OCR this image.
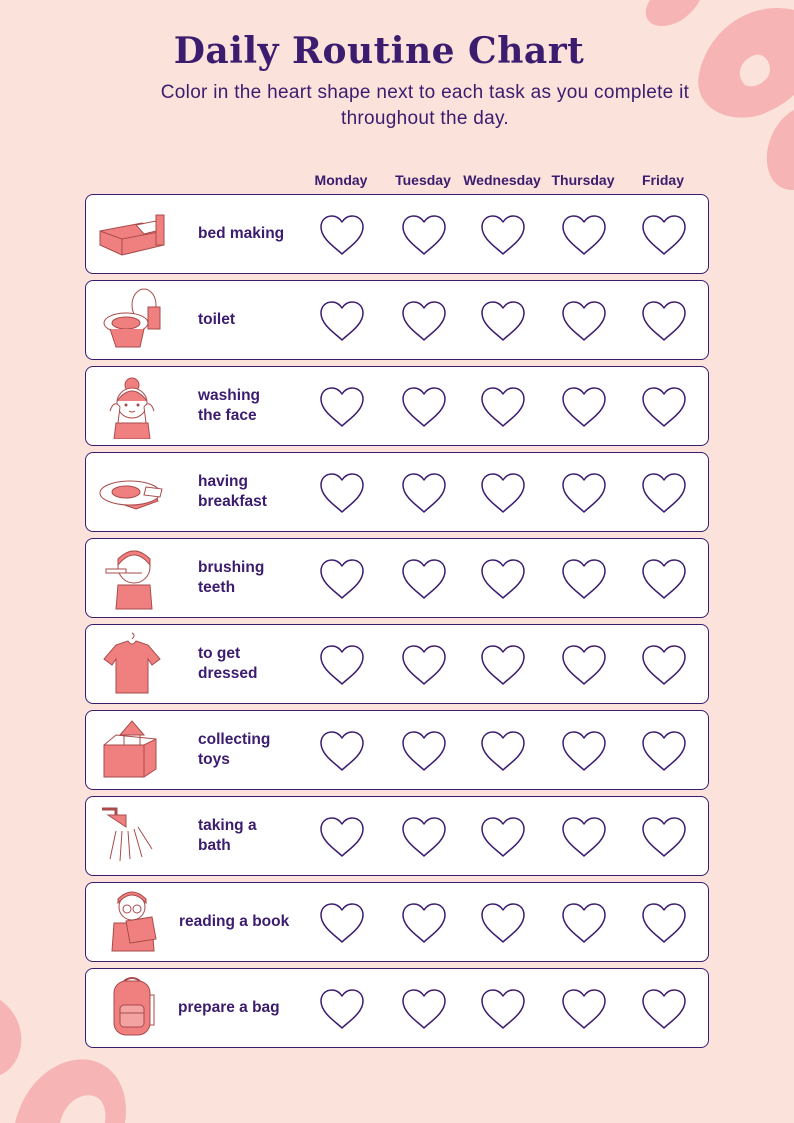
Daily Routine Chart

Color in the heart shape next to each task as you complete it throughout the day.

Monday	Tuesday Wednesday Thursday	Friday
bed making
toilet
washing
the face
having
breakfast
brushing
teeth
to get
dressed
collecting
toys
taking a
bath
reading a book
prepare a bag
